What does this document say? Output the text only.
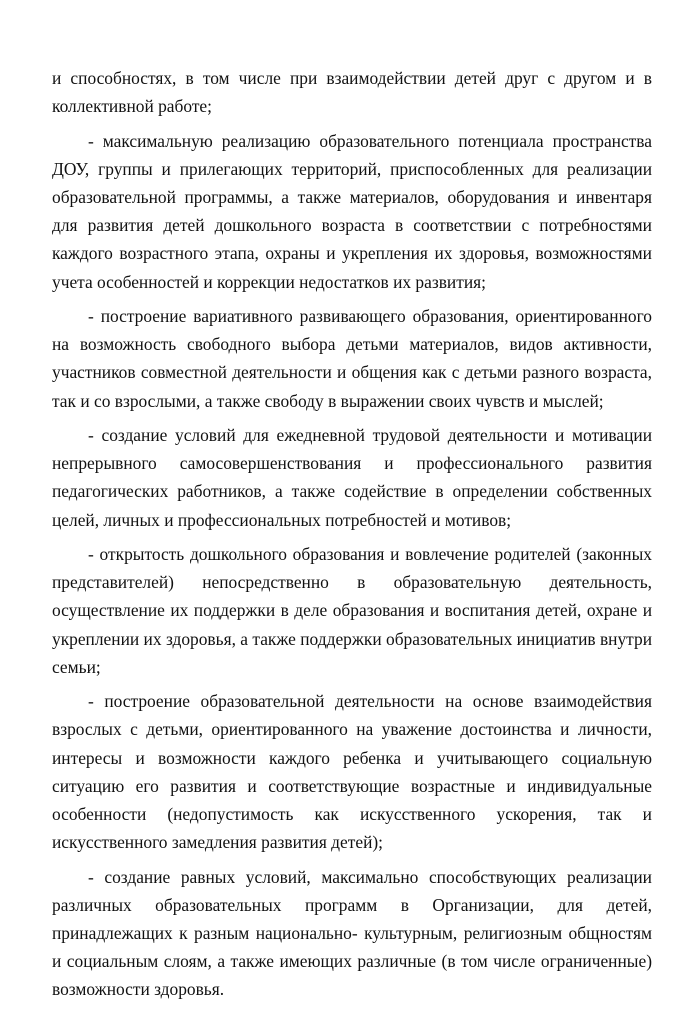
и способностях, в том числе при взаимодействии детей друг с другом и в коллективной работе;

- максимальную реализацию образовательного потенциала пространства ДОУ, группы и прилегающих территорий, приспособленных для реализации образовательной программы, а также материалов, оборудования и инвентаря для развития детей дошкольного возраста в соответствии с потребностями каждого возрастного этапа, охраны и укрепления их здоровья, возможностями учета особенностей и коррекции недостатков их развития;

- построение вариативного развивающего образования, ориентированного на возможность свободного выбора детьми материалов, видов активности, участников совместной деятельности и общения как с детьми разного возраста, так и со взрослыми, а также свободу в выражении своих чувств и мыслей;

- создание условий для ежедневной трудовой деятельности и мотивации непрерывного самосовершенствования и профессионального развития педагогических работников, а также содействие в определении собственных целей, личных и профессиональных потребностей и мотивов;

- открытость дошкольного образования и вовлечение родителей (законных представителей) непосредственно в образовательную деятельность, осуществление их поддержки в деле образования и воспитания детей, охране и укреплении их здоровья, а также поддержки образовательных инициатив внутри семьи;

- построение образовательной деятельности на основе взаимодействия взрослых с детьми, ориентированного на уважение достоинства и личности, интересы и возможности каждого ребенка и учитывающего социальную ситуацию его развития и соответствующие возрастные и индивидуальные особенности (недопустимость как искусственного ускорения, так и искусственного замедления развития детей);

- создание равных условий, максимально способствующих реализации различных образовательных программ в Организации, для детей, принадлежащих к разным национально- культурным, религиозным общностям и социальным слоям, а также имеющих различные (в том числе ограниченные) возможности здоровья.
